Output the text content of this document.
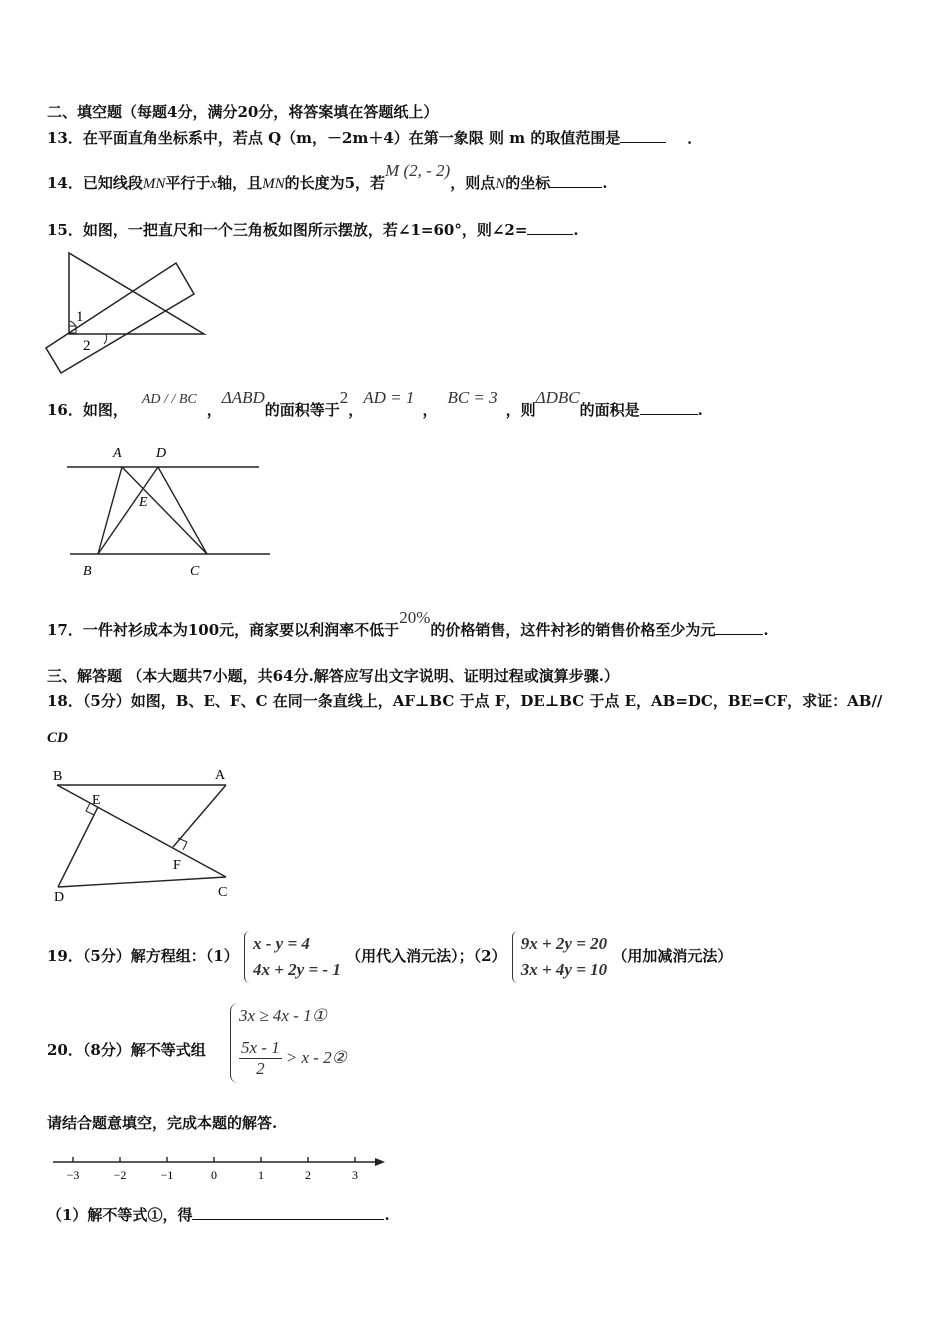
二、填空题（每题4分，满分20分，将答案填在答题纸上）
13．在平面直角坐标系中，若点 Q（m，－2m＋4）在第一象限 则 m 的取值范围是	．
14．已知线段MN平行于x轴，且MN的长度为5，若M (2, - 2)，则点N的坐标	.
15．如图，一把直尺和一个三角板如图所示摆放，若∠1=60°，则∠2=	.
1
2
16．如图，AD / / BC，ΔABD的面积等于2，AD = 1，BC = 3，则ΔDBC的面积是	.
A D
E
B	C
17．一件衬衫成本为100元，商家要以利润率不低于20%的价格销售，这件衬衫的销售价格至少为元	.
三、解答题 （本大题共7小题，共64分.解答应写出文字说明、证明过程或演算步骤.）
18．（5分）如图，B、E、F、C 在同一条直线上，AF⊥BC 于点 F，DE⊥BC 于点 E，AB=DC，BE=CF，求证：AB//
CD
B	A
E
F
D	C
19．（5分）解方程组：（1）
x - y = 4
4x + 2y = - 1
（用代入消元法）；（2）
9x + 2y = 20
3x + 4y = 10
（用加减消元法）
20．（8分）解不等式组
3x ≥ 4x - 1①
$\frac{5x - 1}{2} > x$ - 2②
请结合题意填空，完成本题的解答.
−3	−2	−1	0	1	2	3
（1）解不等式①，得	.
